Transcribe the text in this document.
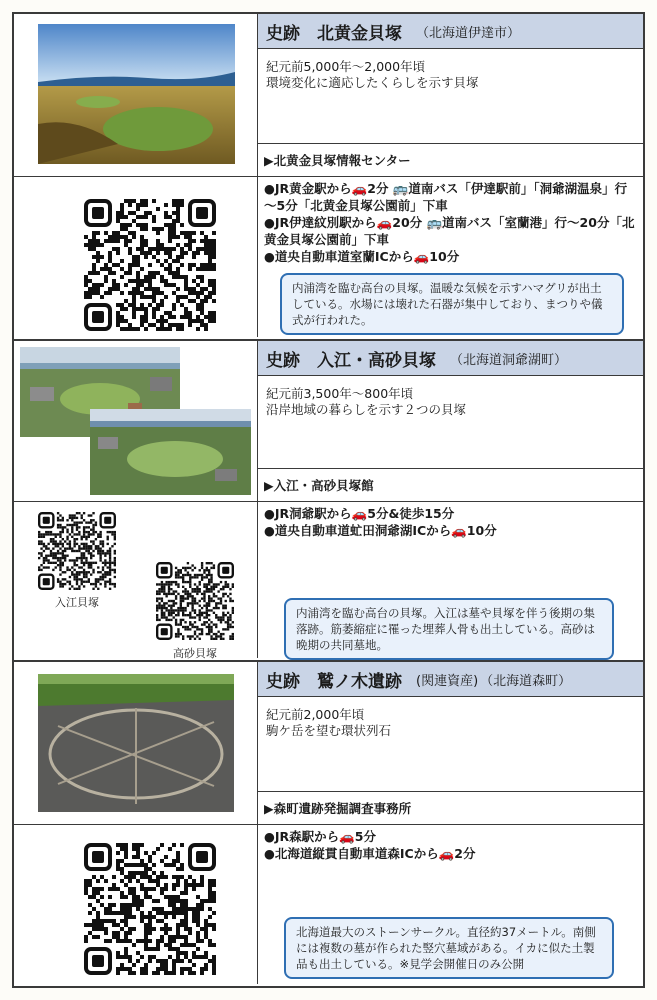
史跡　北黄金貝塚 （北海道伊達市）
紀元前5,000年～2,000年頃
環境変化に適応したくらしを示す貝塚
▶北黄金貝塚情報センター
●JR黄金駅から🚗2分 🚌道南バス「伊達駅前」「洞爺湖温泉」行～5分「北黄金貝塚公園前」下車
●JR伊達紋別駅から🚗20分 🚌道南バス「室蘭港」行～20分「北黄金貝塚公園前」下車
●道央自動車道室蘭ICから🚗10分
内浦湾を臨む高台の貝塚。温暖な気候を示すハマグリが出土している。水場には壊れた石器が集中しており、まつりや儀式が行われた。
史跡　入江・高砂貝塚 （北海道洞爺湖町）
紀元前3,500年～800年頃
沿岸地域の暮らしを示す２つの貝塚
▶入江・高砂貝塚館
入江貝塚
高砂貝塚
●JR洞爺駅から🚗5分&徒歩15分
●道央自動車道虻田洞爺湖ICから🚗10分
内浦湾を臨む高台の貝塚。入江は墓や貝塚を伴う後期の集落跡。筋萎縮症に罹った埋葬人骨も出土している。高砂は晩期の共同墓地。
史跡　鷲ノ木遺跡 (関連資産) （北海道森町）
紀元前2,000年頃
駒ケ岳を望む環状列石
▶森町遺跡発掘調査事務所
●JR森駅から🚗5分
●北海道縦貫自動車道森ICから🚗2分
北海道最大のストーンサークル。直径約37メートル。南側には複数の墓が作られた竪穴墓域がある。イカに似た土製品も出土している。※見学会開催日のみ公開
